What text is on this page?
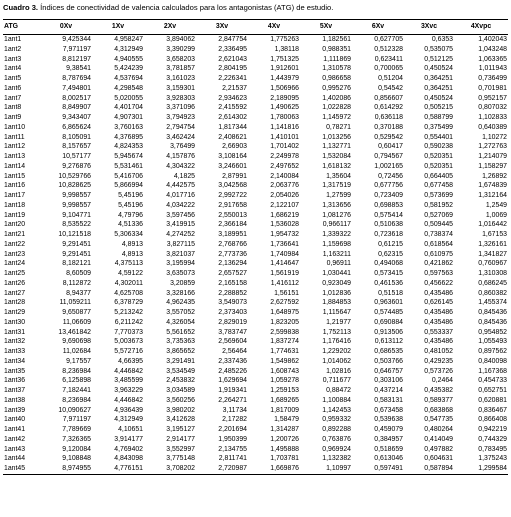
Cuadro 3. Índices de conectividad de valencia calculados para los antagonistas (ATG) de estudio.
ATG	0Xv	1Xv	2Xv	3Xv	4Xv	5Xv	6Xv	3Xvc	4Xvpc
1ant1	9,425344	4,958247	3,894062	2,847754	1,775263	1,182561	0,627705	0,6353	1,402043
1ant2	7,971197	4,312949	3,390299	2,336495	1,38118	0,988351	0,512328	0,535075	1,043248
1ant3	8,812197	4,940555	3,658203	2,621043	1,751325	1,111869	0,623411	0,512125	1,063365
1ant4	9,38541	5,424239	3,781857	2,804195	1,912601	1,310578	0,700065	0,450524	1,011943
1ant5	8,787694	4,537694	3,161023	2,226341	1,443979	0,986658	0,51204	0,364251	0,736499
1ant6	7,494801	4,298548	3,159301	2,21537	1,506966	0,995276	0,54542	0,364251	0,701981
1ant7	8,002517	5,020055	3,928303	2,934623	2,189095	1,402086	0,856607	0,450524	0,952157
1ant8	8,849907	4,401704	3,371096	2,415592	1,490625	1,022828	0,614292	0,505215	0,807032
1ant9	9,343407	4,907301	3,794923	2,614302	1,780063	1,145972	0,636118	0,588799	1,102833
1ant10	6,865624	3,760163	2,794754	1,817344	1,141816	0,78271	0,370188	0,375499	0,640389
1ant11	8,105091	4,376895	3,462424	2,408621	1,410101	1,013256	0,529542	0,554401	1,10272
1ant12	8,157657	4,824353	3,76499	2,66903	1,701402	1,132771	0,60417	0,590238	1,272763
1ant13	10,57177	5,945674	4,157876	3,108164	2,249978	1,532084	0,794567	0,520351	1,214079
1ant14	9,276876	5,531461	4,304322	3,246601	2,497652	1,618132	1,002165	0,520351	1,158297
1ant15	10,529766	5,416706	4,1825	2,87991	2,140084	1,35604	0,72456	0,664405	1,26892
1ant16	10,828625	5,866994	4,442575	3,042568	2,063776	1,317519	0,677756	0,677458	1,674839
1ant17	9,998557	5,45196	4,017716	2,992722	2,054026	1,27599	0,723409	0,573699	1,312164
1ant18	9,998557	5,45196	4,034222	2,917658	2,122107	1,313656	0,698853	0,581952	1,2549
1ant19	9,104771	4,79796	3,597456	2,550013	1,686219	1,081276	0,575414	0,527069	1,0069
1ant20	8,535522	4,51336	3,419915	2,366184	1,536028	0,966117	0,510638	0,509445	1,016442
1ant21	10,121518	5,306334	4,274252	3,189951	1,954732	1,339322	0,723618	0,738374	1,67153
1ant22	9,291451	4,8913	3,827115	2,768766	1,736641	1,159698	0,61215	0,618564	1,326161
1ant23	9,291451	4,8913	3,821037	2,773736	1,740984	1,163211	0,62315	0,610975	1,341827
1ant24	8,182121	4,375113	3,195994	2,136294	1,414647	0,96911	0,494068	0,421862	0,760967
1ant25	8,60509	4,59122	3,635073	2,657527	1,561919	1,030441	0,573415	0,597563	1,310308
1ant26	8,112872	4,302011	3,20859	2,165158	1,416112	0,923049	0,461536	0,456622	0,686245
1ant27	8,94377	4,625708	3,328166	2,288852	1,56151	1,012836	0,51518	0,435486	0,860382
1ant28	11,059211	6,378729	4,962435	3,549073	2,627592	1,884853	0,963601	0,626145	1,455374
1ant29	9,650877	5,213242	3,557052	2,373403	1,648975	1,115647	0,574485	0,435486	0,845436
1ant30	11,06609	6,211242	4,326054	2,829019	1,823205	1,21977	0,690884	0,435486	0,845436
1ant31	13,461842	7,770373	5,561652	3,783747	2,599838	1,752113	0,913506	0,553337	0,954852
1ant32	9,690698	5,003673	3,735363	2,569604	1,837274	1,176416	0,613112	0,435486	1,055493
1ant33	11,02684	5,572716	3,865652	2,56464	1,774631	1,229202	0,686535	0,481052	0,897562
1ant34	9,17557	4,66395	3,291491	2,337436	1,549862	1,014062	0,503766	0,429235	0,840098
1ant35	8,236984	4,446842	3,534549	2,485226	1,608743	1,02816	0,646757	0,573726	1,167368
1ant36	6,125898	3,485599	2,453832	1,629694	1,059278	0,711677	0,303106	0,2464	0,454733
1ant37	7,182441	3,963229	3,034589	1,919341	1,259153	0,88472	0,437214	0,435382	0,652751
1ant38	8,236984	4,446842	3,560256	2,264271	1,689265	1,100884	0,583131	0,589377	0,620881
1ant39	10,090627	4,936439	3,980202	3,11734	1,817009	1,142453	0,673458	0,683868	0,836467
1ant40	7,971197	4,312949	3,412628	2,17282	1,58479	0,959332	0,539638	0,547735	0,866408
1ant41	7,789669	4,10651	3,195127	2,201694	1,314287	0,892288	0,459079	0,480264	0,942219
1ant42	7,326365	3,914177	2,914177	1,950399	1,200726	0,763876	0,384957	0,414049	0,744329
1ant43	9,120084	4,769402	3,552997	2,134755	1,495888	0,969924	0,518659	0,497882	0,783495
1ant44	9,108848	4,843098	3,775148	2,811741	1,703781	1,132382	0,613046	0,604631	1,375243
1ant45	8,974955	4,776151	3,708202	2,720987	1,669876	1,10997	0,597491	0,587894	1,299584
